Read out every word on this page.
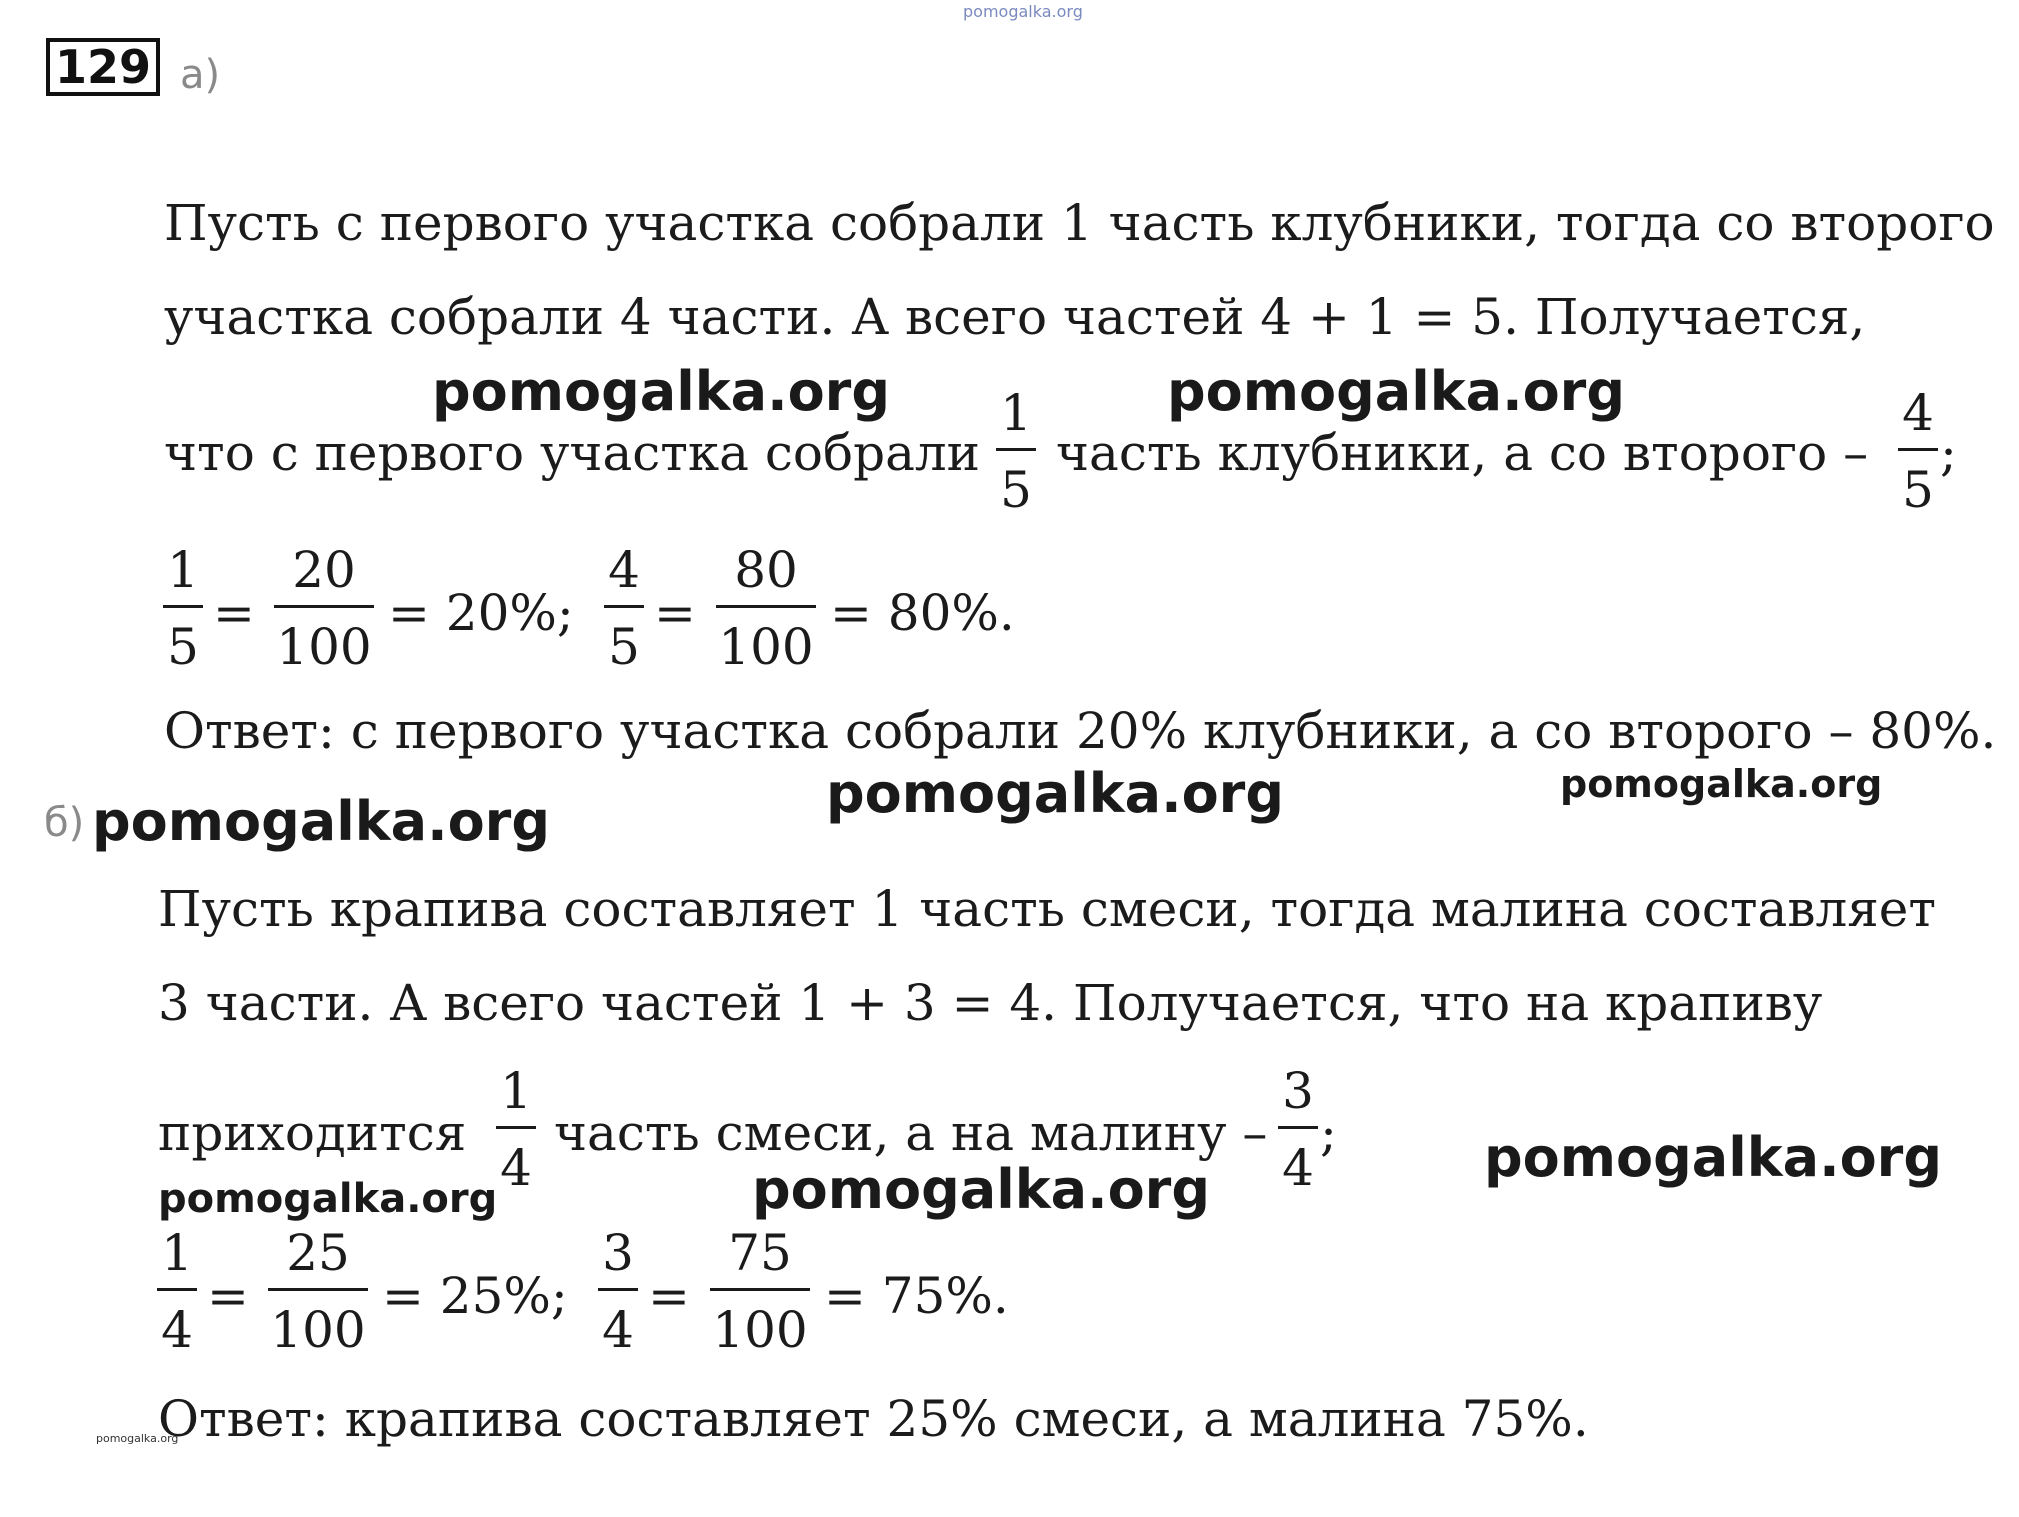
pomogalka.org
129 а)
Пусть с первого участка собрали 1 часть клубники, тогда со второго
участка собрали 4 части. А всего частей 4 + 1 = 5. Получается,
pomogalka.org	pomogalka.org
что с первого участка собрали
1
5
часть клубники, а со второго –
4
5
;
1
5
=
20
100
= 20%;
4
5
=
80
100
= 80%.
Ответ: с первого участка собрали 20% клубники, а со второго – 80%.
pomogalka.org	pomogalka.org
б) pomogalka.org
Пусть крапива составляет 1 часть смеси, тогда малина составляет
3 части. А всего частей 1 + 3 = 4. Получается, что на крапиву
приходится
1
4
часть смеси, а на малину –
3
4
;	pomogalka.org
pomogalka.org	pomogalka.org
1
4
=
25
100
= 25%;
3
4
=
75
100
= 75%.
Ответ: крапива составляет 25% смеси, а малина 75%.
pomogalka.org
